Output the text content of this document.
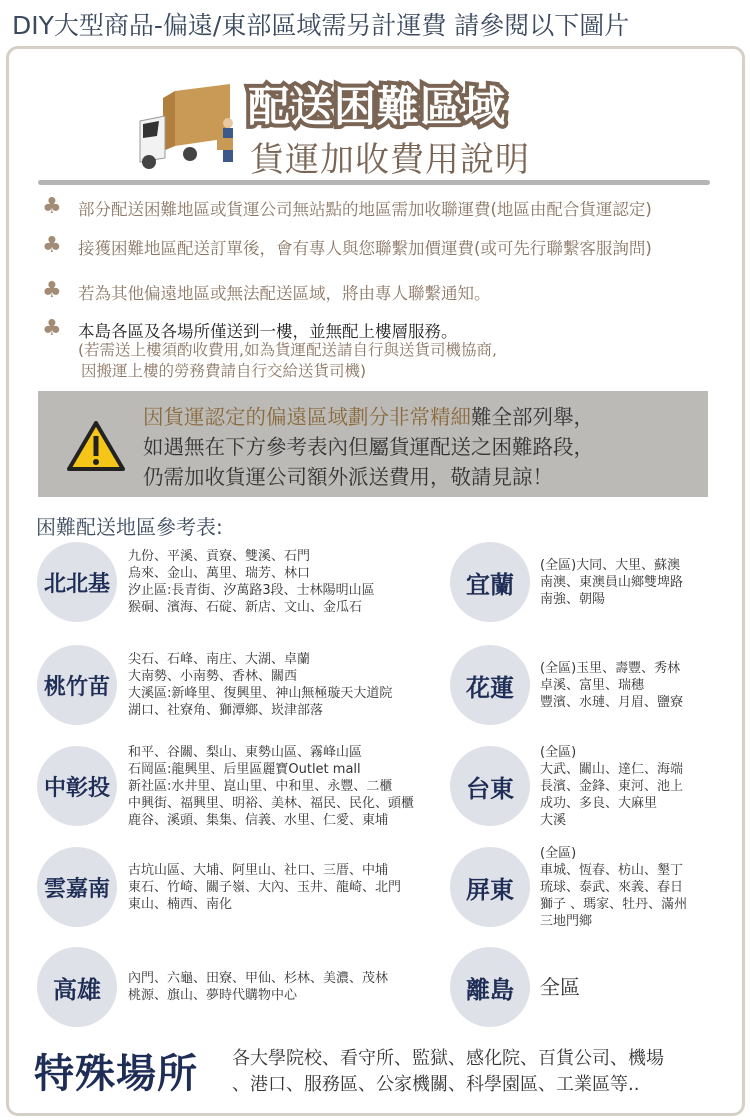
DIY大型商品-偏遠/東部區域需另計運費 請參閱以下圖片
配送困難區域
貨運加收費用說明
♣ 部分配送困難地區或貨運公司無站點的地區需加收聯運費(地區由配合貨運認定)
♣ 接獲困難地區配送訂單後，會有專人與您聯繫加價運費(或可先行聯繫客服詢問)
♣ 若為其他偏遠地區或無法配送區域，將由專人聯繫通知。
♣ 本島各區及各場所僅送到一樓，並無配上樓層服務。
(若需送上樓須酌收費用,如為貨運配送請自行與送貨司機協商,
因搬運上樓的勞務費請自行交給送貨司機)
因貨運認定的偏遠區域劃分非常精細難全部列舉，
如遇無在下方參考表內但屬貨運配送之困難路段，
仍需加收貨運公司額外派送費用，敬請見諒！
困難配送地區參考表:
北北基
九份、平溪、貢寮、雙溪、石門
烏來、金山、萬里、瑞芳、林口
汐止區:長青街、汐萬路3段、士林陽明山區
猴硐、濱海、石碇、新店、文山、金瓜石
桃竹苗
尖石、石峰、南庄、大湖、卓蘭
大南勢、小南勢、香林、關西
大溪區:新峰里、復興里、神山無極璇天大道院
湖口、社寮角、獅潭鄉、崁津部落
中彰投
和平、谷關、梨山、東勢山區、霧峰山區
石岡區:龍興里、后里區麗寶Outlet mall
新社區:水井里、崑山里、中和里、永豐、二櫃
中興街、福興里、明裕、美林、福民、民化、頭櫃
鹿谷、溪頭、集集、信義、水里、仁愛、東埔
雲嘉南
古坑山區、大埔、阿里山、社口、三厝、中埔
東石、竹崎、關子嶺、大內、玉井、龍崎、北門
東山、楠西、南化
高雄	內門、六龜、田寮、甲仙、杉林、美濃、茂林
桃源、旗山、夢時代購物中心
宜蘭
(全區)大同、大里、蘇澳
南澳、東澳員山鄉雙埤路
南強、朝陽
花蓮
(全區)玉里、壽豐、秀林
卓溪、富里、瑞穗
豐濱、水璉、月眉、鹽寮
台東
(全區)
大武、關山、達仁、海端
長濱、金鋒、東河、池上
成功、多良、大麻里
大溪
屏東
(全區)
車城、恆春、枋山、墾丁
琉球、泰武、來義、春日
獅子 、瑪家、牡丹、滿州
三地門鄉
離島	全區
特殊場所 各大學院校、看守所、監獄、感化院、百貨公司、機場
、港口、服務區、公家機關、科學園區、工業區等..
